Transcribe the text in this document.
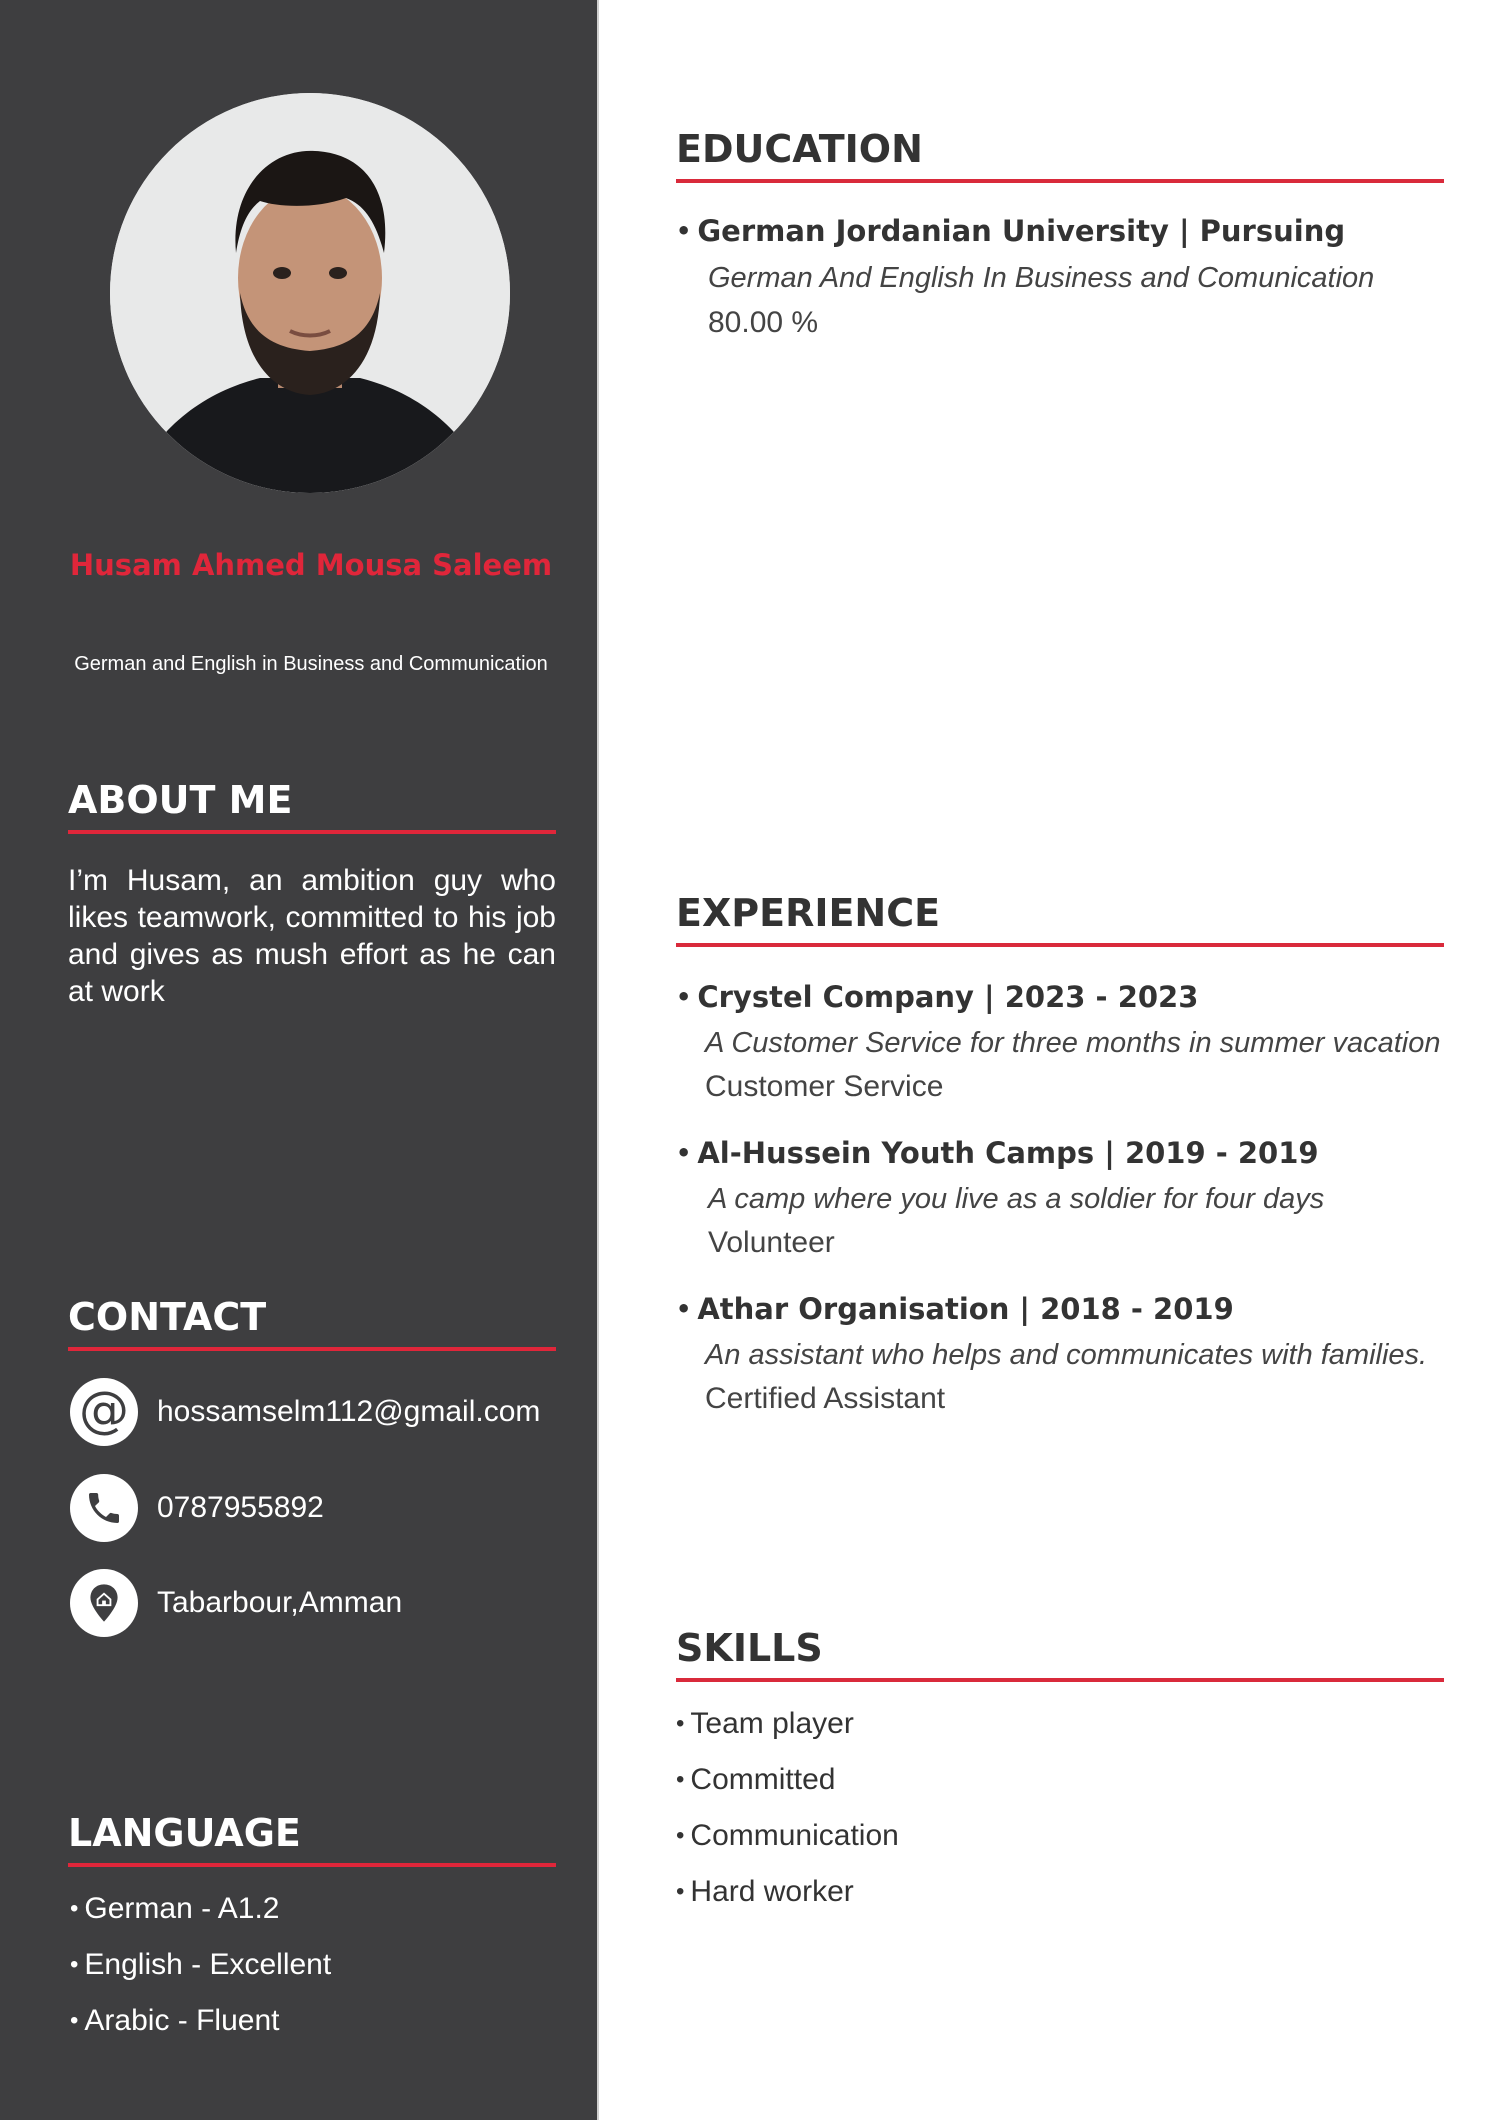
Husam Ahmed Mousa Saleem
German and English in Business and Communication
ABOUT ME
I’m Husam, an ambition guy who likes teamwork, committed to his job and gives as mush effort as he can at work
CONTACT
@ hossamselm112@gmail.com
0787955892
Tabarbour,Amman
LANGUAGE
• German - A1.2
• English - Excellent
• Arabic - Fluent
EDUCATION
• German Jordanian University | Pursuing
German And English In Business and Comunication
80.00 %
EXPERIENCE
• Crystel Company | 2023 - 2023
A Customer Service for three months in summer vacation
Customer Service
• Al-Hussein Youth Camps | 2019 - 2019
A camp where you live as a soldier for four days
Volunteer
• Athar Organisation | 2018 - 2019
An assistant who helps and communicates with families.
Certified Assistant
SKILLS
• Team player
• Committed
• Communication
• Hard worker
